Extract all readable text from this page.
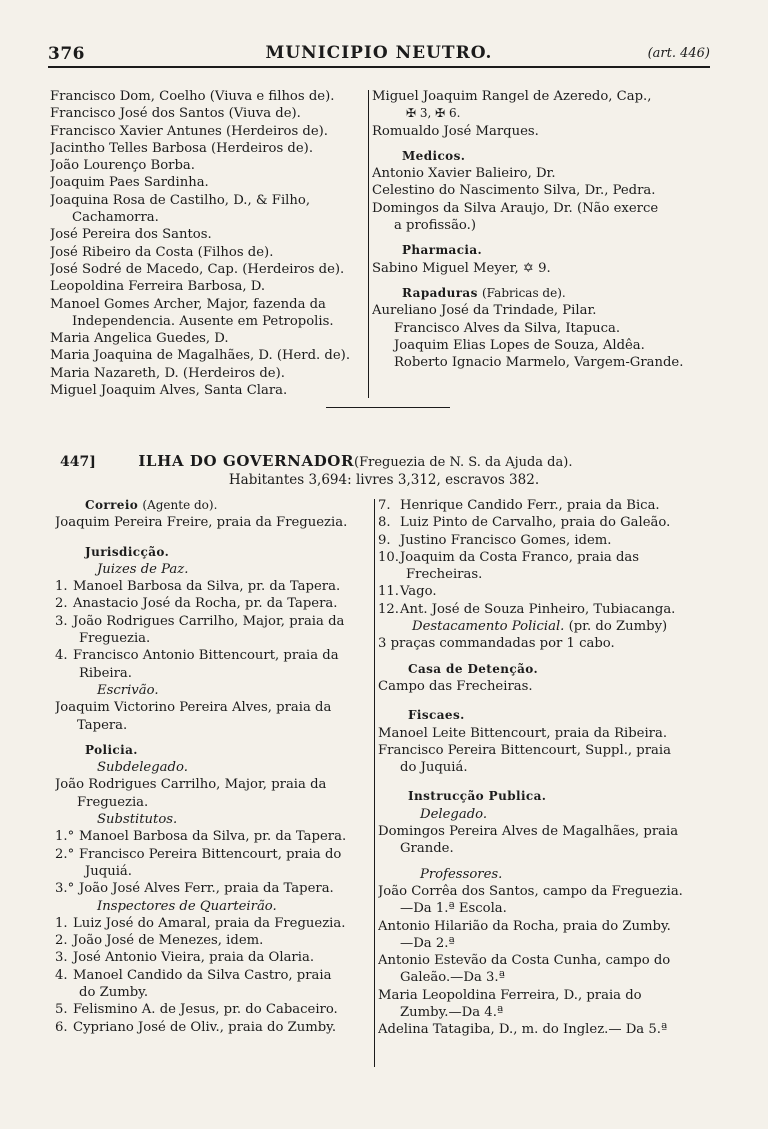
376	MUNICIPIO NEUTRO.	(art. 446)
Francisco Dom, Coelho (Viuva e filhos de).
Francisco José dos Santos (Viuva de).
Francisco Xavier Antunes (Herdeiros de).
Jacintho Telles Barbosa (Herdeiros de).
João Lourenço Borba.
Joaquim Paes Sardinha.
Joaquina Rosa de Castilho, D., & Filho,
Cachamorra.
José Pereira dos Santos.
José Ribeiro da Costa (Filhos de).
José Sodré de Macedo, Cap. (Herdeiros de).
Leopoldina Ferreira Barbosa, D.
Manoel Gomes Archer, Major, fazenda da
Independencia. Ausente em Petropolis.
Maria Angelica Guedes, D.
Maria Joaquina de Magalhães, D. (Herd. de).
Maria Nazareth, D. (Herdeiros de).
Miguel Joaquim Alves, Santa Clara.
Miguel Joaquim Rangel de Azeredo, Cap.,
✠ 3, ✠ 6.
Romualdo José Marques.
Medicos.
Antonio Xavier Balieiro, Dr.
Celestino do Nascimento Silva, Dr., Pedra.
Domingos da Silva Araujo, Dr. (Não exerce
a profissão.)
Pharmacia.
Sabino Miguel Meyer, ✡ 9.
Rapaduras (Fabricas de).
Aureliano José da Trindade, Pilar.
Francisco Alves da Silva, Itapuca.
Joaquim Elias Lopes de Souza, Aldêa.
Roberto Ignacio Marmelo, Vargem-Grande.
447]	ILHA DO GOVERNADOR(Freguezia de N. S. da Ajuda da).
Habitantes 3,694: livres 3,312, escravos 382.
Correio (Agente do).
Joaquim Pereira Freire, praia da Freguezia.
Jurisdicção.
Juizes de Paz.
1. Manoel Barbosa da Silva, pr. da Tapera.
2. Anastacio José da Rocha, pr. da Tapera.
3. João Rodrigues Carrilho, Major, praia da
Freguezia.
4. Francisco Antonio Bittencourt, praia da
Ribeira.
Escrivão.
Joaquim Victorino Pereira Alves, praia da
Tapera.
Policia.
Subdelegado.
João Rodrigues Carrilho, Major, praia da
Freguezia.
Substitutos.
1.° Manoel Barbosa da Silva, pr. da Tapera.
2.° Francisco Pereira Bittencourt, praia do
Juquiá.
3.° João José Alves Ferr., praia da Tapera.
Inspectores de Quarteirão.
1. Luiz José do Amaral, praia da Freguezia.
2. João José de Menezes, idem.
3. José Antonio Vieira, praia da Olaria.
4. Manoel Candido da Silva Castro, praia
do Zumby.
5. Felismino A. de Jesus, pr. do Cabaceiro.
6. Cypriano José de Oliv., praia do Zumby.
7. Henrique Candido Ferr., praia da Bica.
8. Luiz Pinto de Carvalho, praia do Galeão.
9. Justino Francisco Gomes, idem.
10.Joaquim da Costa Franco, praia das
Frecheiras.
11.Vago.
12.Ant. José de Souza Pinheiro, Tubiacanga.
Destacamento Policial. (pr. do Zumby)
3 praças commandadas por 1 cabo.
Casa de Detenção.
Campo das Frecheiras.
Fiscaes.
Manoel Leite Bittencourt, praia da Ribeira.
Francisco Pereira Bittencourt, Suppl., praia
do Juquiá.
Instrucção Publica.
Delegado.
Domingos Pereira Alves de Magalhães, praia
Grande.
Professores.
João Corrêa dos Santos, campo da Freguezia.
—Da 1.ª Escola.
Antonio Hilarião da Rocha, praia do Zumby.
—Da 2.ª
Antonio Estevão da Costa Cunha, campo do
Galeão.—Da 3.ª
Maria Leopoldina Ferreira, D., praia do
Zumby.—Da 4.ª
Adelina Tatagiba, D., m. do Inglez.— Da 5.ª
